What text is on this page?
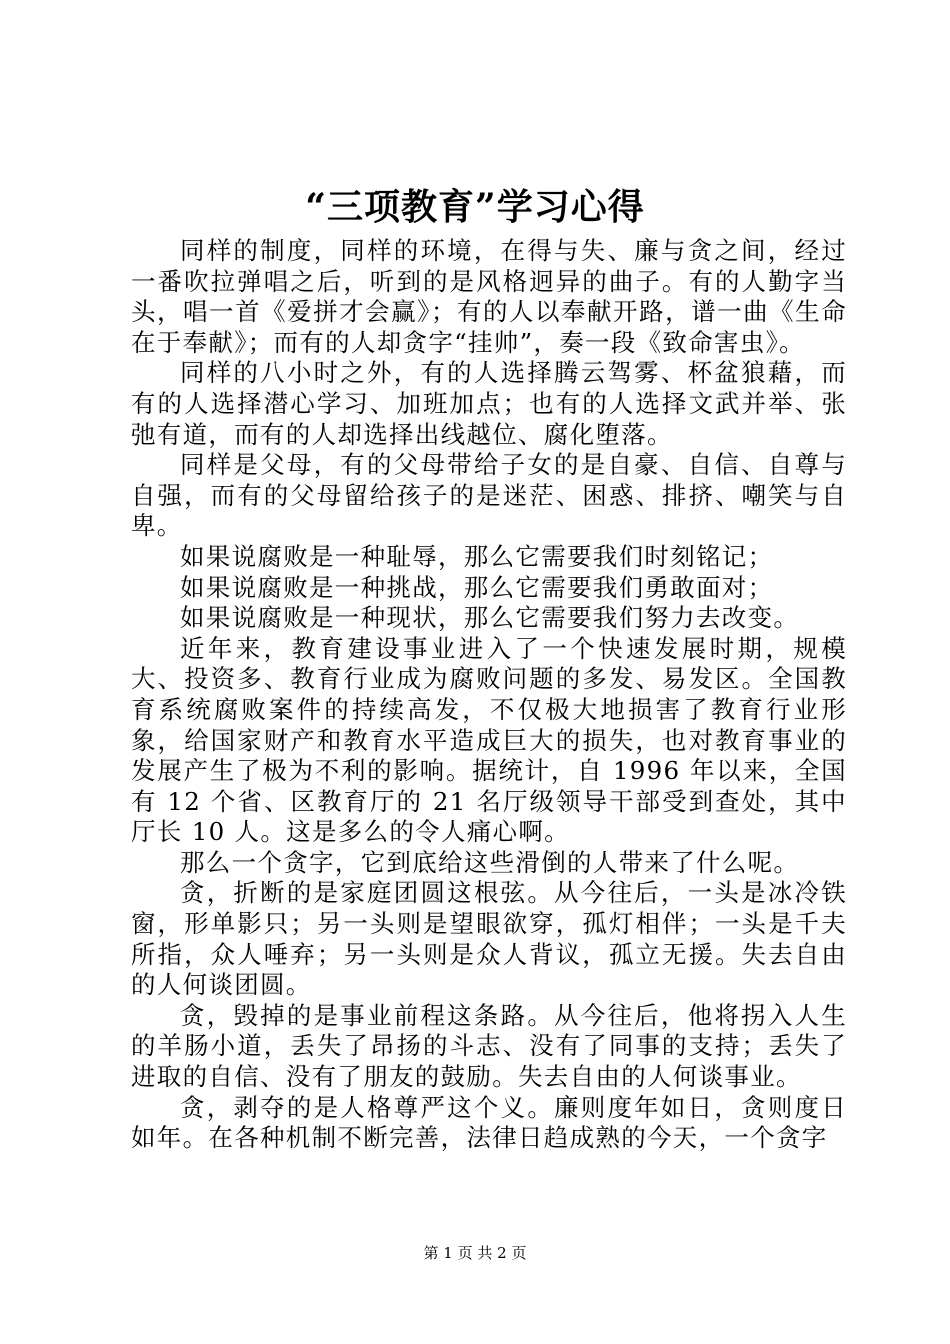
“三项教育”学习心得

同样的制度，同样的环境，在得与失、廉与贪之间，经过一番吹拉弹唱之后，听到的是风格迥异的曲子。有的人勤字当头，唱一首《爱拼才会赢》；有的人以奉献开路，谱一曲《生命在于奉献》；而有的人却贪字“挂帅”，奏一段《致命害虫》。

同样的八小时之外，有的人选择腾云驾雾、杯盆狼藉，而有的人选择潜心学习、加班加点；也有的人选择文武并举、张弛有道，而有的人却选择出线越位、腐化堕落。

同样是父母，有的父母带给子女的是自豪、自信、自尊与自强，而有的父母留给孩子的是迷茫、困惑、排挤、嘲笑与自卑。

如果说腐败是一种耻辱，那么它需要我们时刻铭记；

如果说腐败是一种挑战，那么它需要我们勇敢面对；

如果说腐败是一种现状，那么它需要我们努力去改变。

近年来，教育建设事业进入了一个快速发展时期，规模大、投资多、教育行业成为腐败问题的多发、易发区。全国教育系统腐败案件的持续高发，不仅极大地损害了教育行业形象，给国家财产和教育水平造成巨大的损失，也对教育事业的发展产生了极为不利的影响。据统计，自 1996 年以来，全国有 12 个省、区教育厅的 21 名厅级领导干部受到查处，其中厅长 10 人。这是多么的令人痛心啊。

那么一个贪字，它到底给这些滑倒的人带来了什么呢。

贪，折断的是家庭团圆这根弦。从今往后，一头是冰冷铁窗，形单影只；另一头则是望眼欲穿，孤灯相伴；一头是千夫所指，众人唾弃；另一头则是众人背议，孤立无援。失去自由的人何谈团圆。

贪，毁掉的是事业前程这条路。从今往后，他将拐入人生的羊肠小道，丢失了昂扬的斗志、没有了同事的支持；丢失了进取的自信、没有了朋友的鼓励。失去自由的人何谈事业。

贪，剥夺的是人格尊严这个义。廉则度年如日，贪则度日如年。在各种机制不断完善，法律日趋成熟的今天，一个贪字

第 1 页 共 2 页
